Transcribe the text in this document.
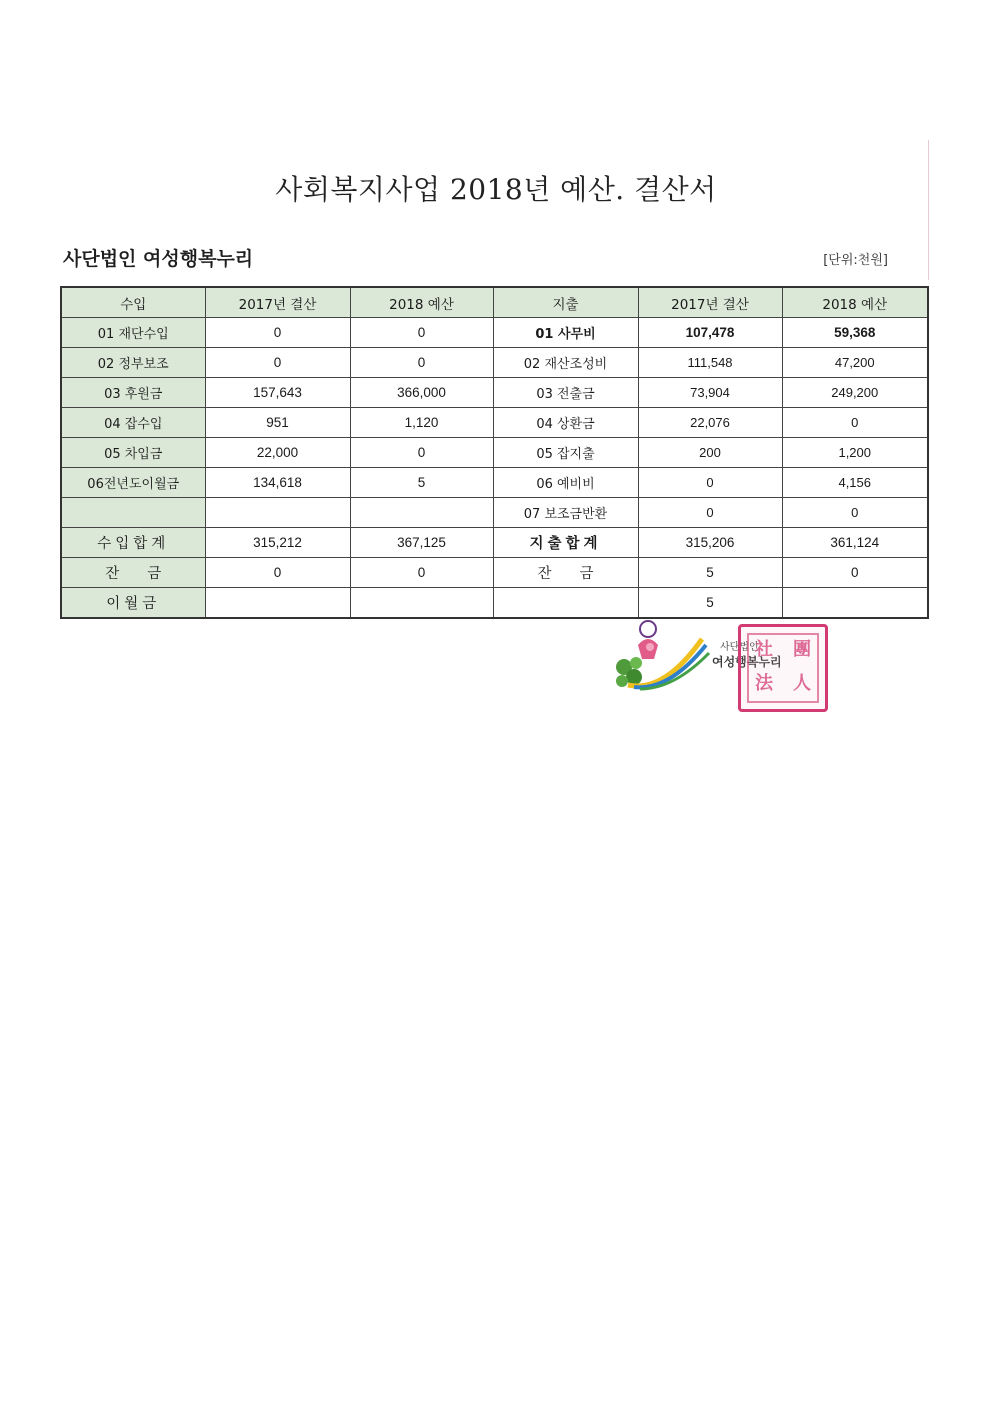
사회복지사업 2018년 예산. 결산서
사단법인 여성행복누리	[단위:천원]
수입	2017년 결산	2018 예산	지출	2017년 결산	2018 예산
01 재단수입	0	0	01 사무비	107,478	59,368
02 정부보조	0	0	02 재산조성비	111,548	47,200
03 후원금	157,643	366,000	03 전출금	73,904	249,200
04 잡수입	951	1,120	04 상환금	22,076	0
05 차입금	22,000	0	05 잡지출	200	1,200
06전년도이월금	134,618	5	06 예비비	0	4,156
			07 보조금반환	0	0
수입합계	315,212	367,125	지출합계	315,206	361,124
잔금	0	0	잔금	5	0
이월금				5	
사단법인
여성행복누리
社 團
法 人
